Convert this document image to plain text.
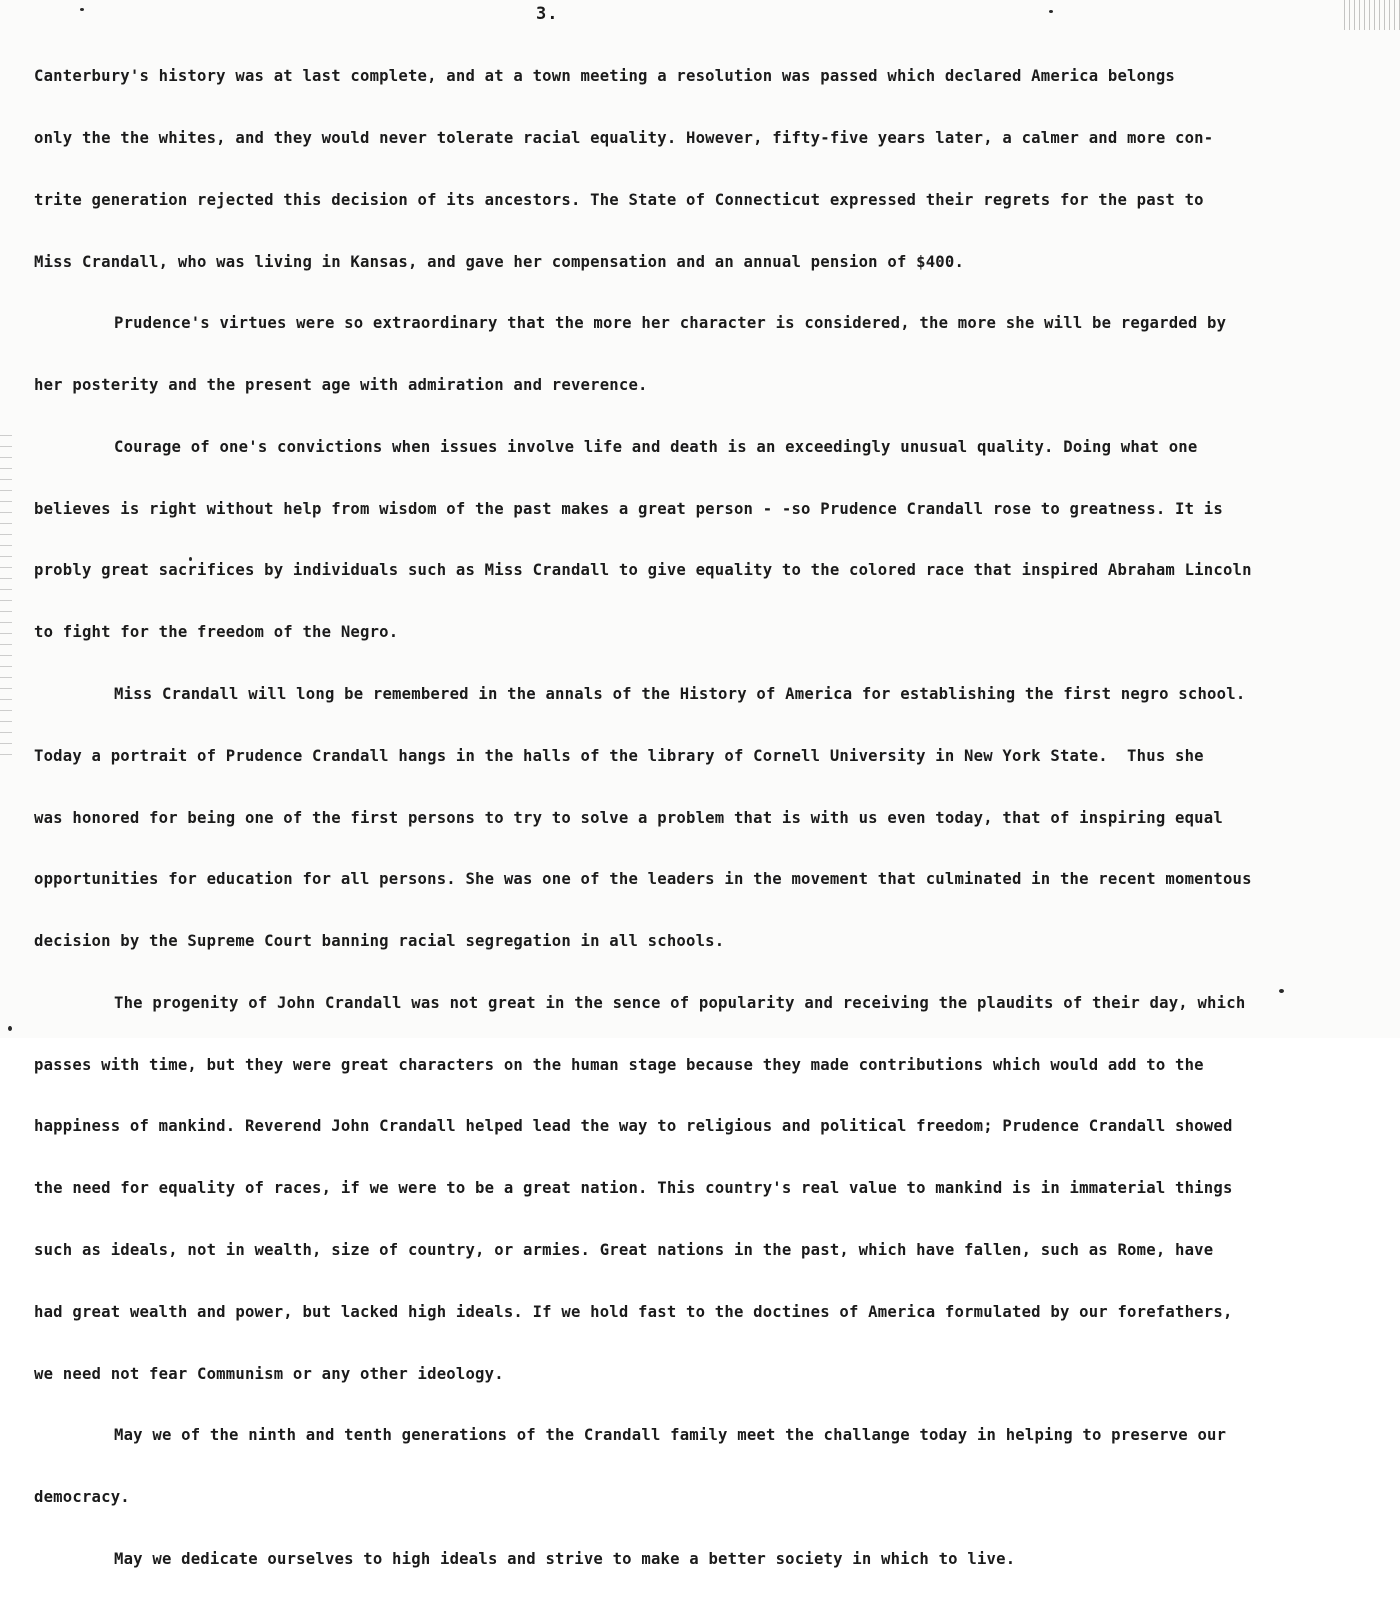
3.

Canterbury's history was at last complete, and at a town meeting a resolution was passed which declared America belongs

only the the whites, and they would never tolerate racial equality. However, fifty-five years later, a calmer and more con-

trite generation rejected this decision of its ancestors. The State of Connecticut expressed their regrets for the past to

Miss Crandall, who was living in Kansas, and gave her compensation and an annual pension of $400.

Prudence's virtues were so extraordinary that the more her character is considered, the more she will be regarded by

her posterity and the present age with admiration and reverence.

Courage of one's convictions when issues involve life and death is an exceedingly unusual quality. Doing what one

believes is right without help from wisdom of the past makes a great person - -so Prudence Crandall rose to greatness. It is

probly great sacrifices by individuals such as Miss Crandall to give equality to the colored race that inspired Abraham Lincoln

to fight for the freedom of the Negro.

Miss Crandall will long be remembered in the annals of the History of America for establishing the first negro school.

Today a portrait of Prudence Crandall hangs in the halls of the library of Cornell University in New York State.  Thus she

was honored for being one of the first persons to try to solve a problem that is with us even today, that of inspiring equal

opportunities for education for all persons. She was one of the leaders in the movement that culminated in the recent momentous

decision by the Supreme Court banning racial segregation in all schools.

The progenity of John Crandall was not great in the sence of popularity and receiving the plaudits of their day, which

passes with time, but they were great characters on the human stage because they made contributions which would add to the

happiness of mankind. Reverend John Crandall helped lead the way to religious and political freedom; Prudence Crandall showed

the need for equality of races, if we were to be a great nation. This country's real value to mankind is in immaterial things

such as ideals, not in wealth, size of country, or armies. Great nations in the past, which have fallen, such as Rome, have

had great wealth and power, but lacked high ideals. If we hold fast to the doctines of America formulated by our forefathers,

we need not fear Communism or any other ideology.

May we of the ninth and tenth generations of the Crandall family meet the challange today in helping to preserve our

democracy.

May we dedicate ourselves to high ideals and strive to make a better society in which to live.
